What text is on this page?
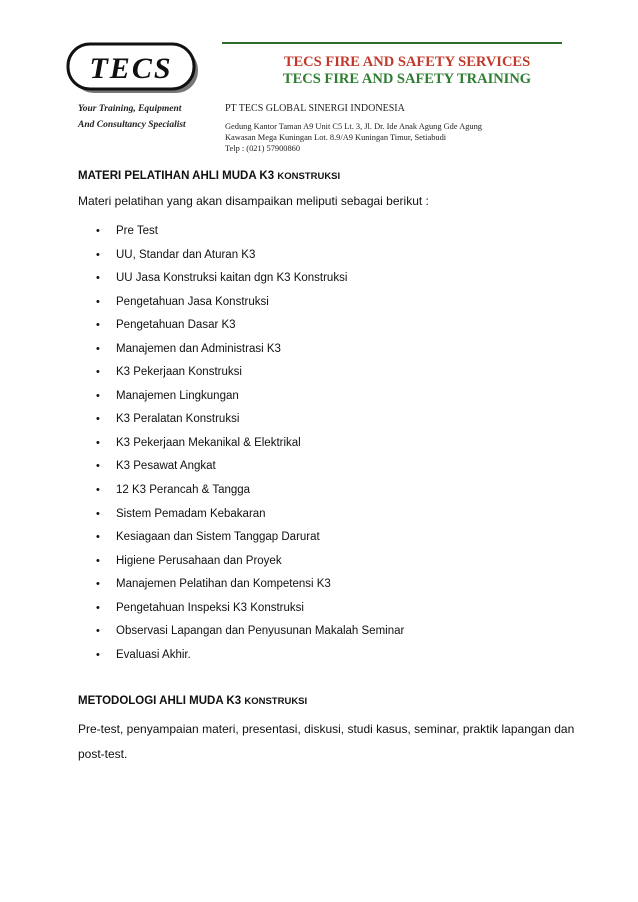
TECS
Your Training, Equipment
And Consultancy Specialist
TECS FIRE AND SAFETY SERVICES
TECS FIRE AND SAFETY TRAINING
PT TECS GLOBAL SINERGI INDONESIA
Gedung Kantor Taman A9 Unit C5 Lt. 3, Jl. Dr. Ide Anak Agung Gde Agung
Kawasan Mega Kuningan Lot. 8.9/A9 Kuningan Timur, Setiabudi
Telp : (021) 57900860
MATERI PELATIHAN AHLI MUDA K3 KONSTRUKSI

Materi pelatihan yang akan disampaikan meliputi sebagai berikut :

• Pre Test
• UU, Standar dan Aturan K3
• UU Jasa Konstruksi kaitan dgn K3 Konstruksi
• Pengetahuan Jasa Konstruksi
• Pengetahuan Dasar K3
• Manajemen dan Administrasi K3
• K3 Pekerjaan Konstruksi
• Manajemen Lingkungan
• K3 Peralatan Konstruksi
• K3 Pekerjaan Mekanikal & Elektrikal
• K3 Pesawat Angkat
• 12 K3 Perancah & Tangga
• Sistem Pemadam Kebakaran
• Kesiagaan dan Sistem Tanggap Darurat
• Higiene Perusahaan dan Proyek
• Manajemen Pelatihan dan Kompetensi K3
• Pengetahuan Inspeksi K3 Konstruksi
• Observasi Lapangan dan Penyusunan Makalah Seminar
• Evaluasi Akhir.
METODOLOGI AHLI MUDA K3 KONSTRUKSI

Pre-test, penyampaian materi, presentasi, diskusi, studi kasus, seminar, praktik lapangan dan post-test.
